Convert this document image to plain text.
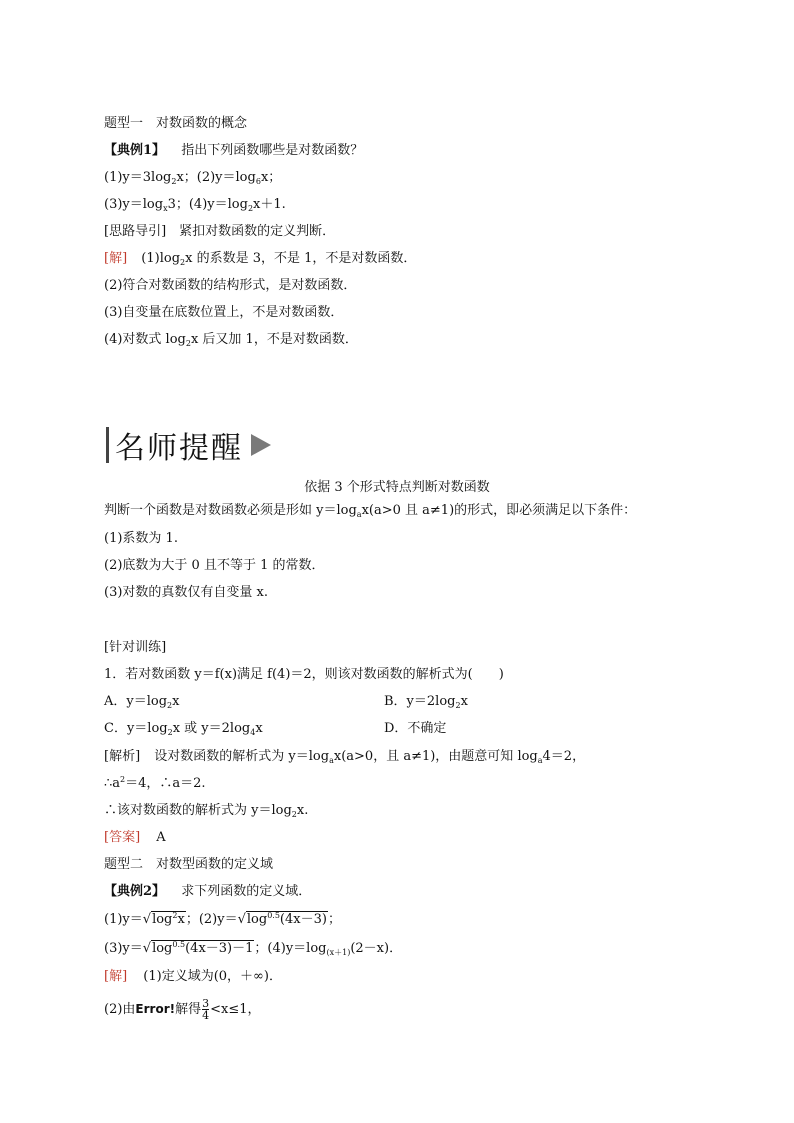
题型一　对数函数的概念
【典例1】 指出下列函数哪些是对数函数？
$(1)y=3\log_2x$；$(2)y=\log_6x$；
$(3)y=\log_x3$；$(4)y=\log_2x+1$.
[思路导引]　紧扣对数函数的定义判断．
[解] $(1)\log_2x$ 的系数是 3，不是 1，不是对数函数．
(2)符合对数函数的结构形式，是对数函数．
(3)自变量在底数位置上，不是对数函数．
(4)对数式 $\log_2x$ 后又加 1，不是对数函数．
名师提醒
依据 3 个形式特点判断对数函数
判断一个函数是对数函数必须是形如 $y=\log_ax(a>0$ 且 a≠1)的形式，即必须满足以下条件：
(1)系数为 1.
(2)底数为大于 0 且不等于 1 的常数．
(3)对数的真数仅有自变量 x.
[针对训练]
1．若对数函数 y＝f(x)满足 f(4)＝2，则该对数函数的解析式为(　　)
A．$y=\log_2x$	B．$y=2\log_2x$
C．$y=\log_2x$ 或 $y=2\log_4x$	D．不确定
[解析] 设对数函数的解析式为 $y=\log_ax(a>0$，且 a≠1)，由题意可知 $\log_a4=2$，
$\therefore a^2=4$，∴a＝2.
∴该对数函数的解析式为 $y=\log_2x$.
[答案] A
题型二　对数型函数的定义域
【典例2】 求下列函数的定义域．
$(1)y=√\log^2x$；$(2)y=√\log^{0.5}(4x-3)$；
$(3)y=√\log^{0.5}(4x-3)-1$；$(4)y=\log_{(x+1)}(2-x)$．
[解] (1)定义域为(0，＋∞)．
(2)由Error!解得 $\frac{3}{4} <x\le 1$，
